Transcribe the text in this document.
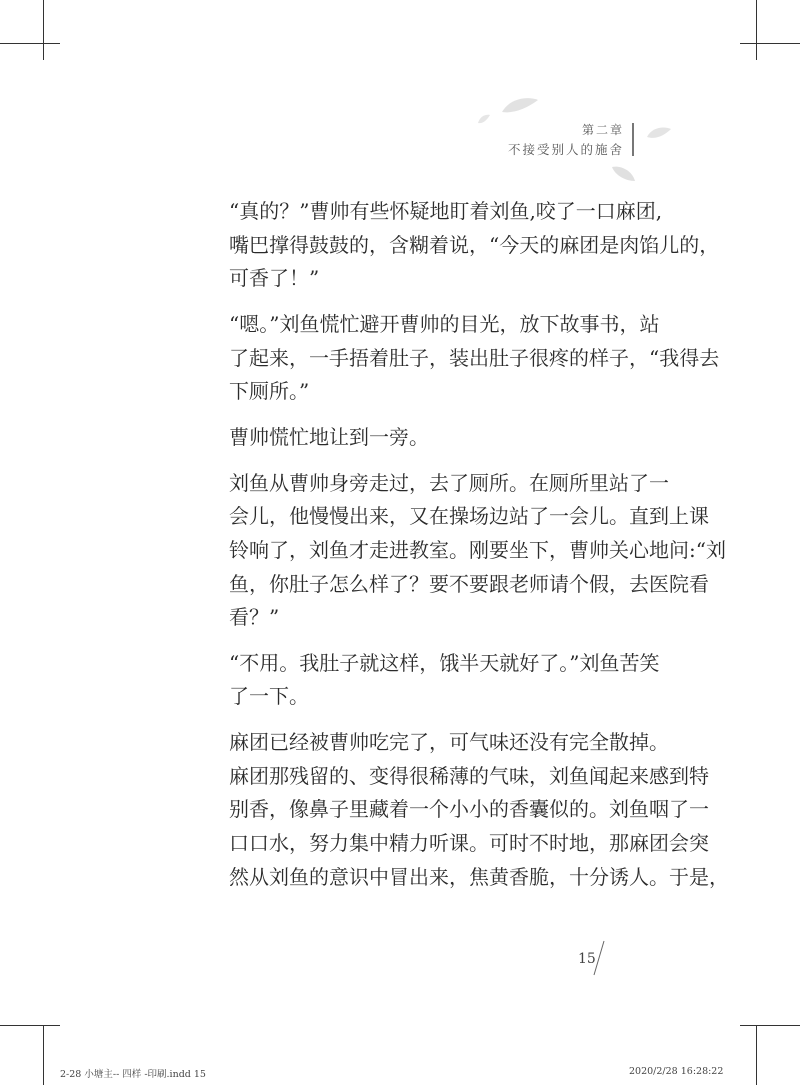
第二章
不接受别人的施舍

“真的？”曹帅有些怀疑地盯着刘鱼,咬了一口麻团,
嘴巴撑得鼓鼓的，含糊着说，“今天的麻团是肉馅儿的，
可香了！”

“嗯。”刘鱼慌忙避开曹帅的目光，放下故事书，站
了起来，一手捂着肚子，装出肚子很疼的样子，“我得去
下厕所。”

曹帅慌忙地让到一旁。

刘鱼从曹帅身旁走过，去了厕所。在厕所里站了一
会儿，他慢慢出来，又在操场边站了一会儿。直到上课
铃响了，刘鱼才走进教室。刚要坐下，曹帅关心地问:“刘
鱼，你肚子怎么样了？要不要跟老师请个假，去医院看
看？”

“不用。我肚子就这样，饿半天就好了。”刘鱼苦笑
了一下。

麻团已经被曹帅吃完了，可气味还没有完全散掉。
麻团那残留的、变得很稀薄的气味，刘鱼闻起来感到特
别香，像鼻子里藏着一个小小的香囊似的。刘鱼咽了一
口口水，努力集中精力听课。可时不时地，那麻团会突
然从刘鱼的意识中冒出来，焦黄香脆，十分诱人。于是，

15
2-28 小塘主-- 四样 -印刷.indd 15	2020/2/28 16:28:22
